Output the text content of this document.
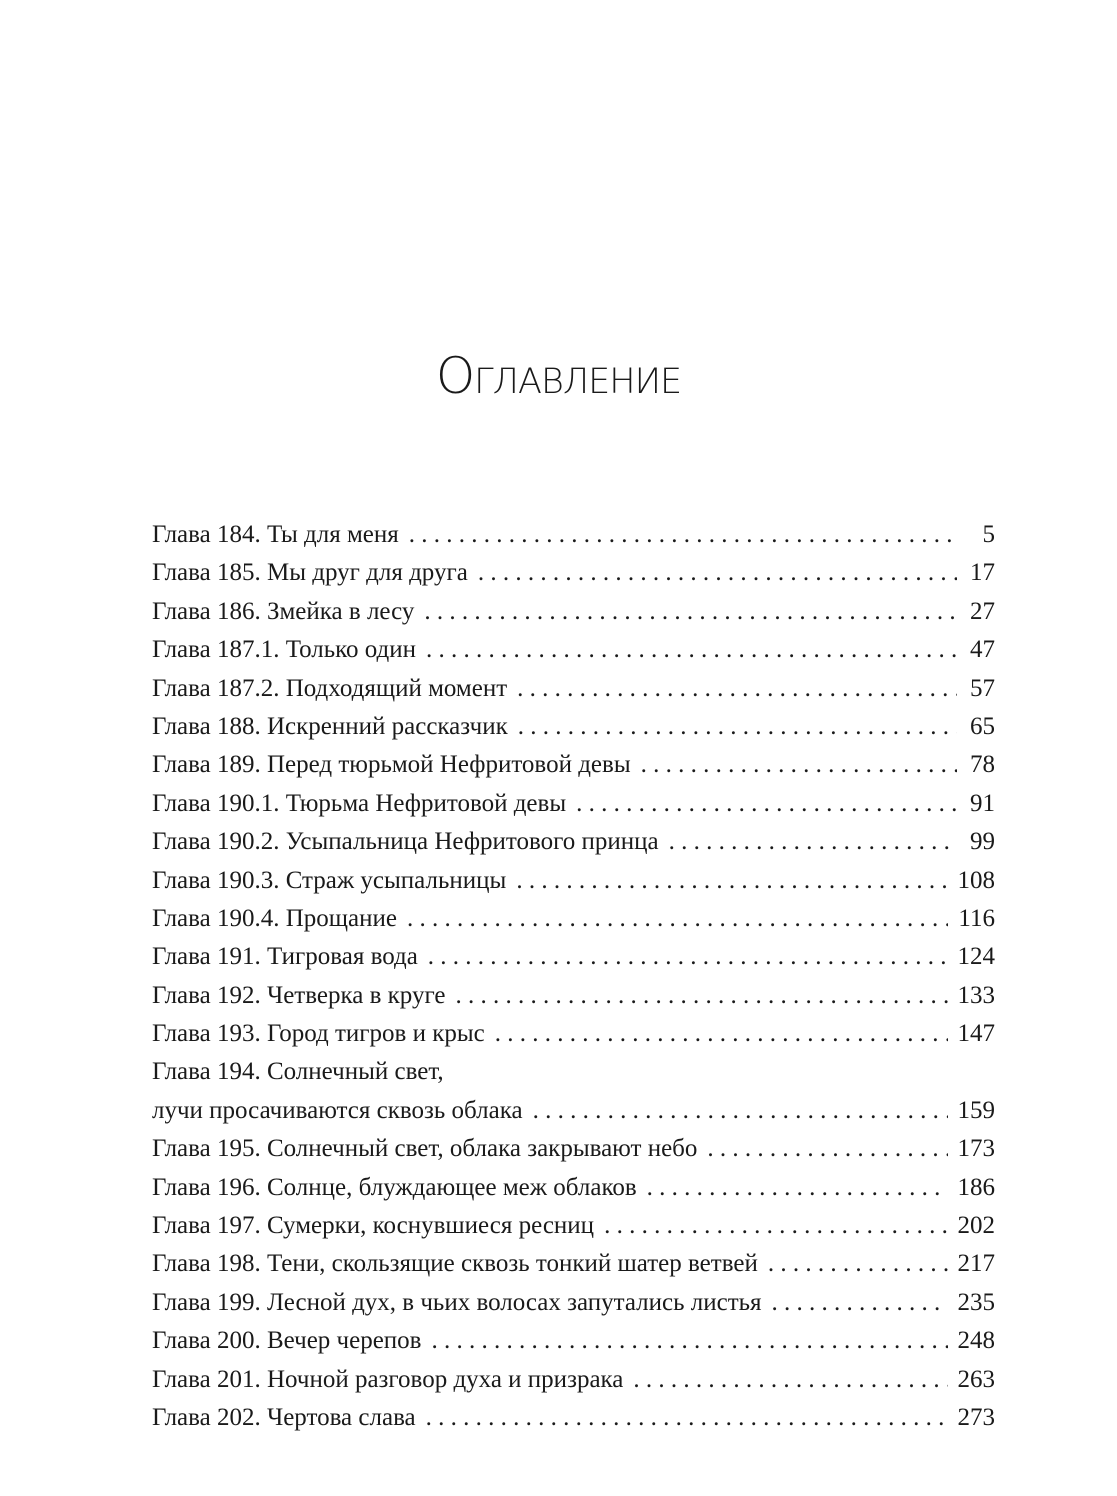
Оглавление
Глава 184. Ты для меня . . .	5
Глава 185. Мы друг для друга . . .	17
Глава 186. Змейка в лесу . . .	27
Глава 187.1. Только один . . .	47
Глава 187.2. Подходящий момент . . .	57
Глава 188. Искренний рассказчик . . .	65
Глава 189. Перед тюрьмой Нефритовой девы . . .	78
Глава 190.1. Тюрьма Нефритовой девы . . .	91
Глава 190.2. Усыпальница Нефритового принца . . .	99
Глава 190.3. Страж усыпальницы . . .	108
Глава 190.4. Прощание . . .	116
Глава 191. Тигровая вода . . .	124
Глава 192. Четверка в круге . . .	133
Глава 193. Город тигров и крыс . . .	147
Глава 194. Солнечный свет,
лучи просачиваются сквозь облака . . .	159
Глава 195. Солнечный свет, облака закрывают небо . . .	173
Глава 196. Солнце, блуждающее меж облаков . . .	186
Глава 197. Сумерки, коснувшиеся ресниц . . .	202
Глава 198. Тени, скользящие сквозь тонкий шатер ветвей . . .	217
Глава 199. Лесной дух, в чьих волосах запутались листья . . .	235
Глава 200. Вечер черепов . . .	248
Глава 201. Ночной разговор духа и призрака . . .	263
Глава 202. Чертова слава . . .	273
